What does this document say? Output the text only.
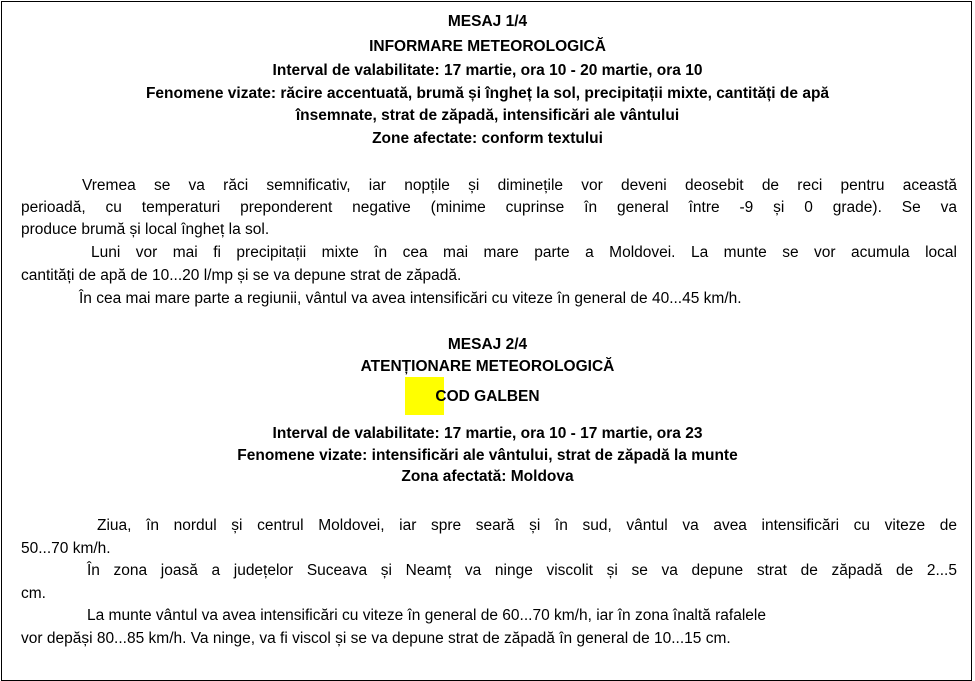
MESAJ 1/4
INFORMARE METEOROLOGICĂ
Interval de valabilitate: 17 martie, ora 10 - 20 martie, ora 10
Fenomene vizate: răcire accentuată, brumă și îngheț la sol, precipitații mixte, cantități de apă
însemnate, strat de zăpadă, intensificări ale vântului
Zone afectate: conform textului
Vremea se va răci semnificativ, iar nopțile și diminețile vor deveni deosebit de reci pentru această
perioadă, cu temperaturi preponderent negative (minime cuprinse în general între -9 și 0 grade). Se va
produce brumă și local îngheț la sol.
Luni vor mai fi precipitații mixte în cea mai mare parte a Moldovei. La munte se vor acumula local
cantități de apă de 10...20 l/mp și se va depune strat de zăpadă.
În cea mai mare parte a regiunii, vântul va avea intensificări cu viteze în general de 40...45 km/h.
MESAJ 2/4
ATENȚIONARE METEOROLOGICĂ
COD GALBEN
Interval de valabilitate: 17 martie, ora 10 - 17 martie, ora 23
Fenomene vizate: intensificări ale vântului, strat de zăpadă la munte
Zona afectată: Moldova
Ziua, în nordul și centrul Moldovei, iar spre seară și în sud, vântul va avea intensificări cu viteze de
50...70 km/h.
În zona joasă a județelor Suceava și Neamț va ninge viscolit și se va depune strat de zăpadă de 2...5
cm.
La munte vântul va avea intensificări cu viteze în general de 60...70 km/h, iar în zona înaltă rafalele
vor depăși 80...85 km/h. Va ninge, va fi viscol și se va depune strat de zăpadă în general de 10...15 cm.
